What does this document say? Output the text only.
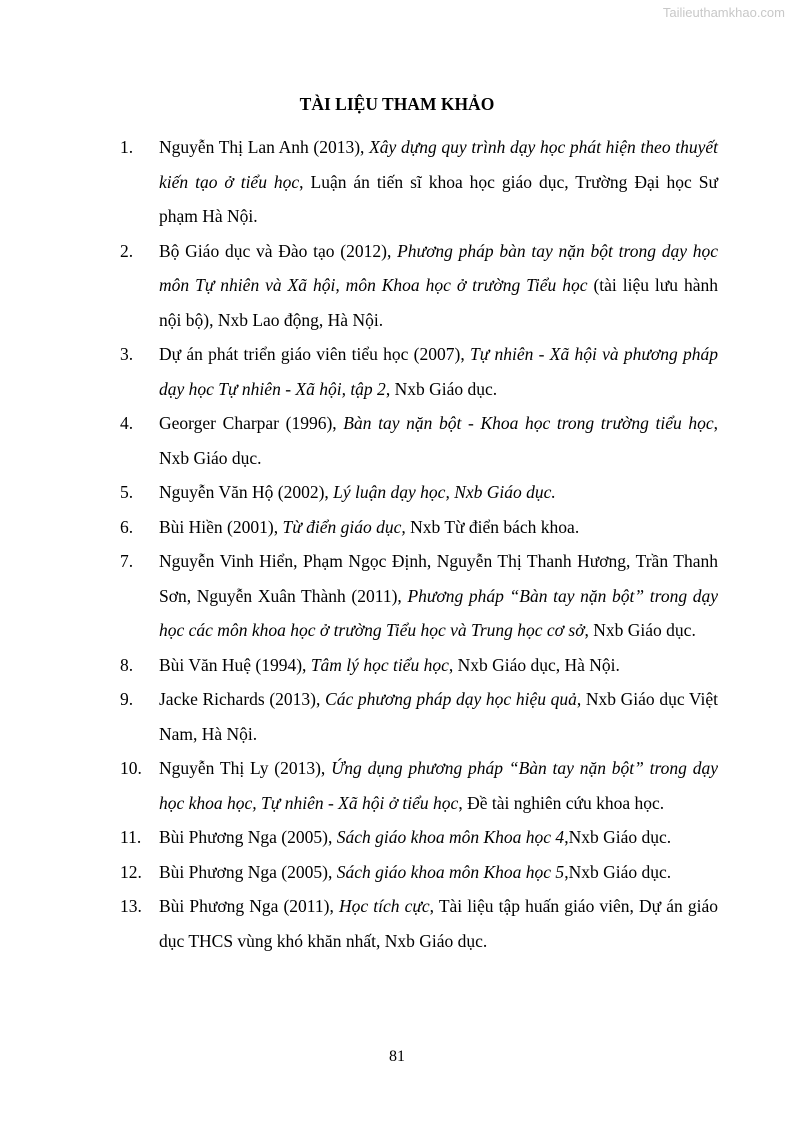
Tailieuthamkhao.com
TÀI LIỆU THAM KHẢO
1. Nguyễn Thị Lan Anh (2013), Xây dựng quy trình dạy học phát hiện theo thuyết kiến tạo ở tiểu học, Luận án tiến sĩ khoa học giáo dục, Trường Đại học Sư phạm Hà Nội.
2. Bộ Giáo dục và Đào tạo (2012), Phương pháp bàn tay nặn bột trong dạy học môn Tự nhiên và Xã hội, môn Khoa học ở trường Tiểu học (tài liệu lưu hành nội bộ), Nxb Lao động, Hà Nội.
3. Dự án phát triển giáo viên tiểu học (2007), Tự nhiên - Xã hội và phương pháp dạy học Tự nhiên - Xã hội, tập 2, Nxb Giáo dục.
4. Georger Charpar (1996), Bàn tay nặn bột - Khoa học trong trường tiểu học, Nxb Giáo dục.
5. Nguyễn Văn Hộ (2002), Lý luận dạy học, Nxb Giáo dục.
6. Bùi Hiền (2001), Từ điển giáo dục, Nxb Từ điển bách khoa.
7. Nguyễn Vinh Hiển, Phạm Ngọc Định, Nguyễn Thị Thanh Hương, Trần Thanh Sơn, Nguyễn Xuân Thành (2011), Phương pháp “Bàn tay nặn bột” trong dạy học các môn khoa học ở trường Tiểu học và Trung học cơ sở, Nxb Giáo dục.
8. Bùi Văn Huệ (1994), Tâm lý học tiểu học, Nxb Giáo dục, Hà Nội.
9. Jacke Richards (2013), Các phương pháp dạy học hiệu quả, Nxb Giáo dục Việt Nam, Hà Nội.
10. Nguyễn Thị Ly (2013), Ứng dụng phương pháp “Bàn tay nặn bột” trong dạy học khoa học, Tự nhiên - Xã hội ở tiểu học, Đề tài nghiên cứu khoa học.
11. Bùi Phương Nga (2005), Sách giáo khoa môn Khoa học 4,Nxb Giáo dục.
12. Bùi Phương Nga (2005), Sách giáo khoa môn Khoa học 5,Nxb Giáo dục.
13. Bùi Phương Nga (2011), Học tích cực, Tài liệu tập huấn giáo viên, Dự án giáo dục THCS vùng khó khăn nhất, Nxb Giáo dục.
81
